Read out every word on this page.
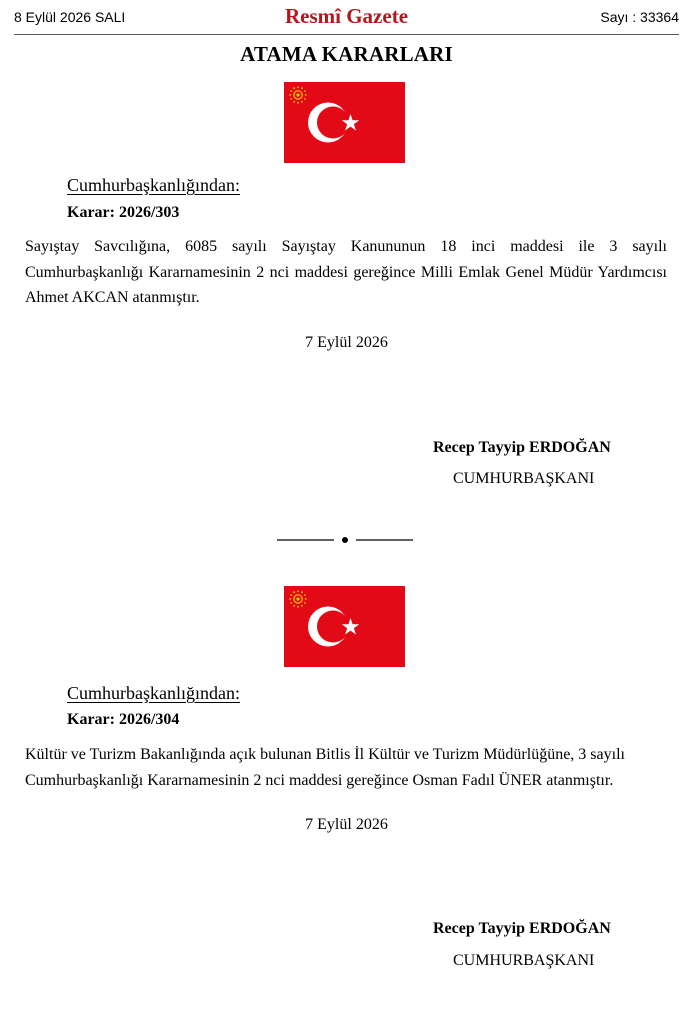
8 Eylül 2026 SALI	Resmî Gazete	Sayı : 33364
ATAMA KARARLARI
Cumhurbaşkanlığından:
Karar: 2026/303
Sayıştay Savcılığına, 6085 sayılı Sayıştay Kanununun 18 inci maddesi ile 3 sayılı Cumhurbaşkanlığı Kararnamesinin 2 nci maddesi gereğince Milli Emlak Genel Müdür Yardımcısı Ahmet AKCAN atanmıştır.
7 Eylül 2026
Recep Tayyip ERDOĞAN
CUMHURBAŞKANI
Cumhurbaşkanlığından:
Karar: 2026/304
Kültür ve Turizm Bakanlığında açık bulunan Bitlis İl Kültür ve Turizm Müdürlüğüne, 3 sayılı Cumhurbaşkanlığı Kararnamesinin 2 nci maddesi gereğince Osman Fadıl ÜNER atanmıştır.
7 Eylül 2026
Recep Tayyip ERDOĞAN
CUMHURBAŞKANI
